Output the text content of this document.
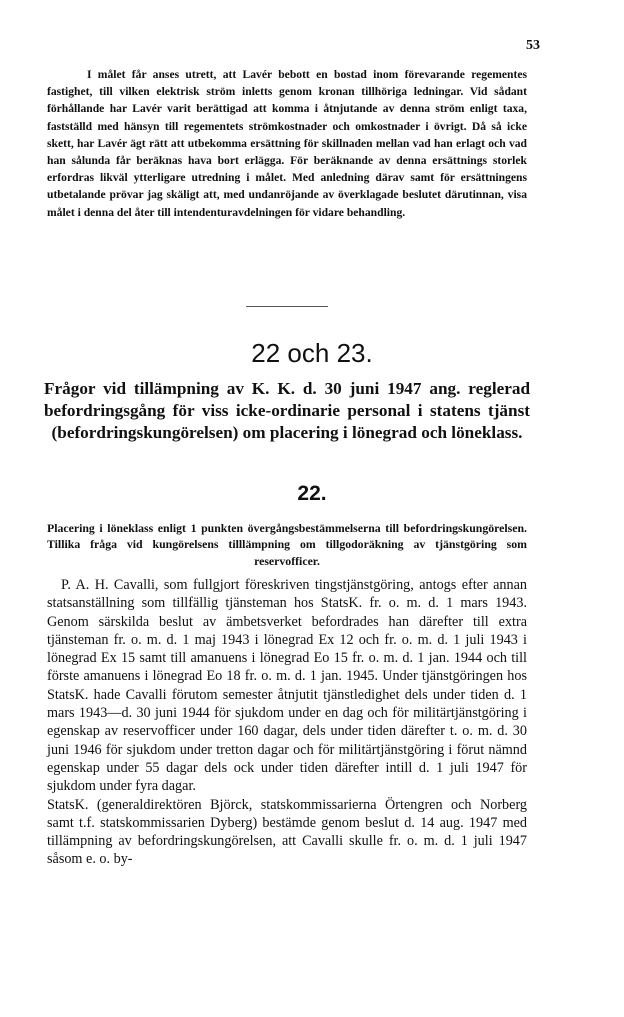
53

I målet får anses utrett, att Lavér bebott en bostad inom förevarande regementes fastighet, till vilken elektrisk ström inletts genom kronan tillhöriga ledningar. Vid sådant förhållande har Lavér varit berättigad att komma i åtnjutande av denna ström enligt taxa, fastställd med hänsyn till regementets strömkostnader och omkostnader i övrigt. Då så icke skett, har Lavér ägt rätt att utbekomma ersättning för skillnaden mellan vad han erlagt och vad han sålunda får beräknas hava bort erlägga. För beräknande av denna ersättnings storlek erfordras likväl ytterligare utredning i målet. Med anledning därav samt för ersättningens utbetalande prövar jag skäligt att, med undanröjande av överklagade beslutet därutinnan, visa målet i denna del åter till intendenturavdelningen för vidare behandling.

22 och 23.
Frågor vid tillämpning av K. K. d. 30 juni 1947 ang. reglerad befordringsgång för viss icke-ordinarie personal i statens tjänst (befordringskungörelsen) om placering i lönegrad och löneklass.
22.
Placering i löneklass enligt 1 punkten övergångsbestämmelserna till befordringskungörelsen. Tillika fråga vid kungörelsens tilllämpning om tillgodoräkning av tjänstgöring som reservofficer.

P. A. H. Cavalli, som fullgjort föreskriven tingstjänstgöring, antogs efter annan statsanställning som tillfällig tjänsteman hos StatsK. fr. o. m. d. 1 mars 1943. Genom särskilda beslut av ämbetsverket befordrades han därefter till extra tjänsteman fr. o. m. d. 1 maj 1943 i lönegrad Ex 12 och fr. o. m. d. 1 juli 1943 i lönegrad Ex 15 samt till amanuens i lönegrad Eo 15 fr. o. m. d. 1 jan. 1944 och till förste amanuens i lönegrad Eo 18 fr. o. m. d. 1 jan. 1945. Under tjänstgöringen hos StatsK. hade Cavalli förutom semester åtnjutit tjänstledighet dels under tiden d. 1 mars 1943—d. 30 juni 1944 för sjukdom under en dag och för militärtjänstgöring i egenskap av reservofficer under 160 dagar, dels under tiden därefter t. o. m. d. 30 juni 1946 för sjukdom under tretton dagar och för militärtjänstgöring i förut nämnd egenskap under 55 dagar dels ock under tiden därefter intill d. 1 juli 1947 för sjukdom under fyra dagar.

StatsK. (generaldirektören Björck, statskommissarierna Örtengren och Norberg samt t.f. statskommissarien Dyberg) bestämde genom beslut d. 14 aug. 1947 med tillämpning av befordringskungörelsen, att Cavalli skulle fr. o. m. d. 1 juli 1947 såsom e. o. by-
